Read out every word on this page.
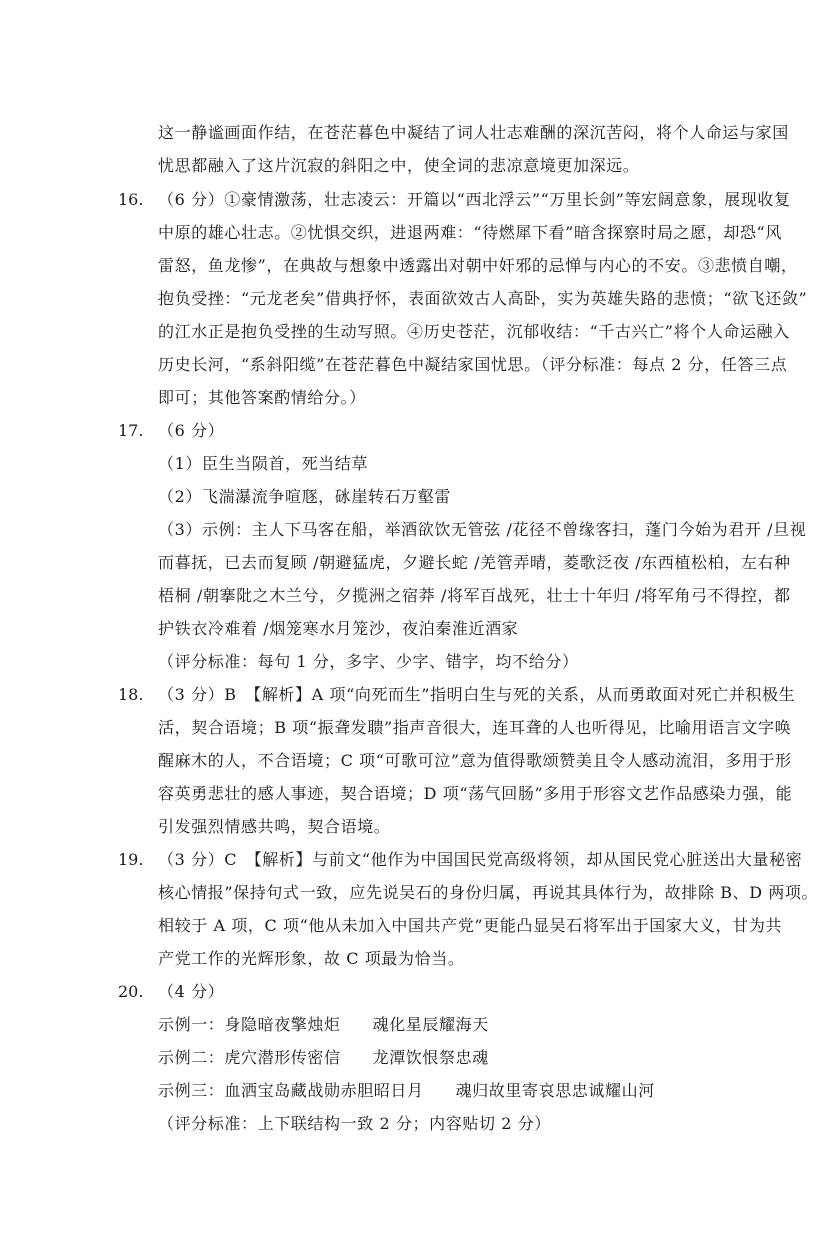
这一静谧画面作结，在苍茫暮色中凝结了词人壮志难酬的深沉苦闷，将个人命运与家国
忧思都融入了这片沉寂的斜阳之中，使全词的悲凉意境更加深远。
16. （6 分）①豪情激荡，壮志凌云：开篇以“西北浮云”“万里长剑”等宏阔意象，展现收复
中原的雄心壮志。②忧惧交织，进退两难：“待燃犀下看”暗含探察时局之愿，却恐“风
雷怒，鱼龙惨”，在典故与想象中透露出对朝中奸邪的忌惮与内心的不安。③悲愤自嘲，
抱负受挫：“元龙老矣”借典抒怀，表面欲效古人高卧，实为英雄失路的悲愤；“欲飞还敛”
的江水正是抱负受挫的生动写照。④历史苍茫，沉郁收结：“千古兴亡”将个人命运融入
历史长河，“系斜阳缆”在苍茫暮色中凝结家国忧思。（评分标准：每点 2 分，任答三点
即可；其他答案酌情给分。）
17. （6 分）
（1）臣生当陨首，死当结草
（2）飞湍瀑流争喧豗，砯崖转石万壑雷
（3）示例：主人下马客在船，举酒欲饮无管弦 /花径不曾缘客扫，蓬门今始为君开 /旦视
而暮抚，已去而复顾 /朝避猛虎，夕避长蛇 /羌管弄晴，菱歌泛夜 /东西植松柏，左右种
梧桐 /朝搴阰之木兰兮，夕揽洲之宿莽 /将军百战死，壮士十年归 /将军角弓不得控，都
护铁衣冷难着 /烟笼寒水月笼沙，夜泊秦淮近酒家
（评分标准：每句 1 分，多字、少字、错字，均不给分）
18. （3 分）B　【解析】A 项“向死而生”指明白生与死的关系，从而勇敢面对死亡并积极生
活，契合语境；B 项“振聋发聩”指声音很大，连耳聋的人也听得见，比喻用语言文字唤
醒麻木的人，不合语境；C 项“可歌可泣”意为值得歌颂赞美且令人感动流泪，多用于形
容英勇悲壮的感人事迹，契合语境；D 项“荡气回肠”多用于形容文艺作品感染力强，能
引发强烈情感共鸣，契合语境。
19. （3 分）C　【解析】与前文“他作为中国国民党高级将领，却从国民党心脏送出大量秘密
核心情报”保持句式一致，应先说吴石的身份归属，再说其具体行为，故排除 B、D 两项。
相较于 A 项，C 项“他从未加入中国共产党”更能凸显吴石将军出于国家大义，甘为共
产党工作的光辉形象，故 C 项最为恰当。
20. （4 分）
示例一：身隐暗夜擎烛炬 魂化星辰耀海天
示例二：虎穴潜形传密信 龙潭饮恨祭忠魂
示例三：血洒宝岛藏战勋赤胆昭日月 魂归故里寄哀思忠诚耀山河
（评分标准：上下联结构一致 2 分；内容贴切 2 分）
